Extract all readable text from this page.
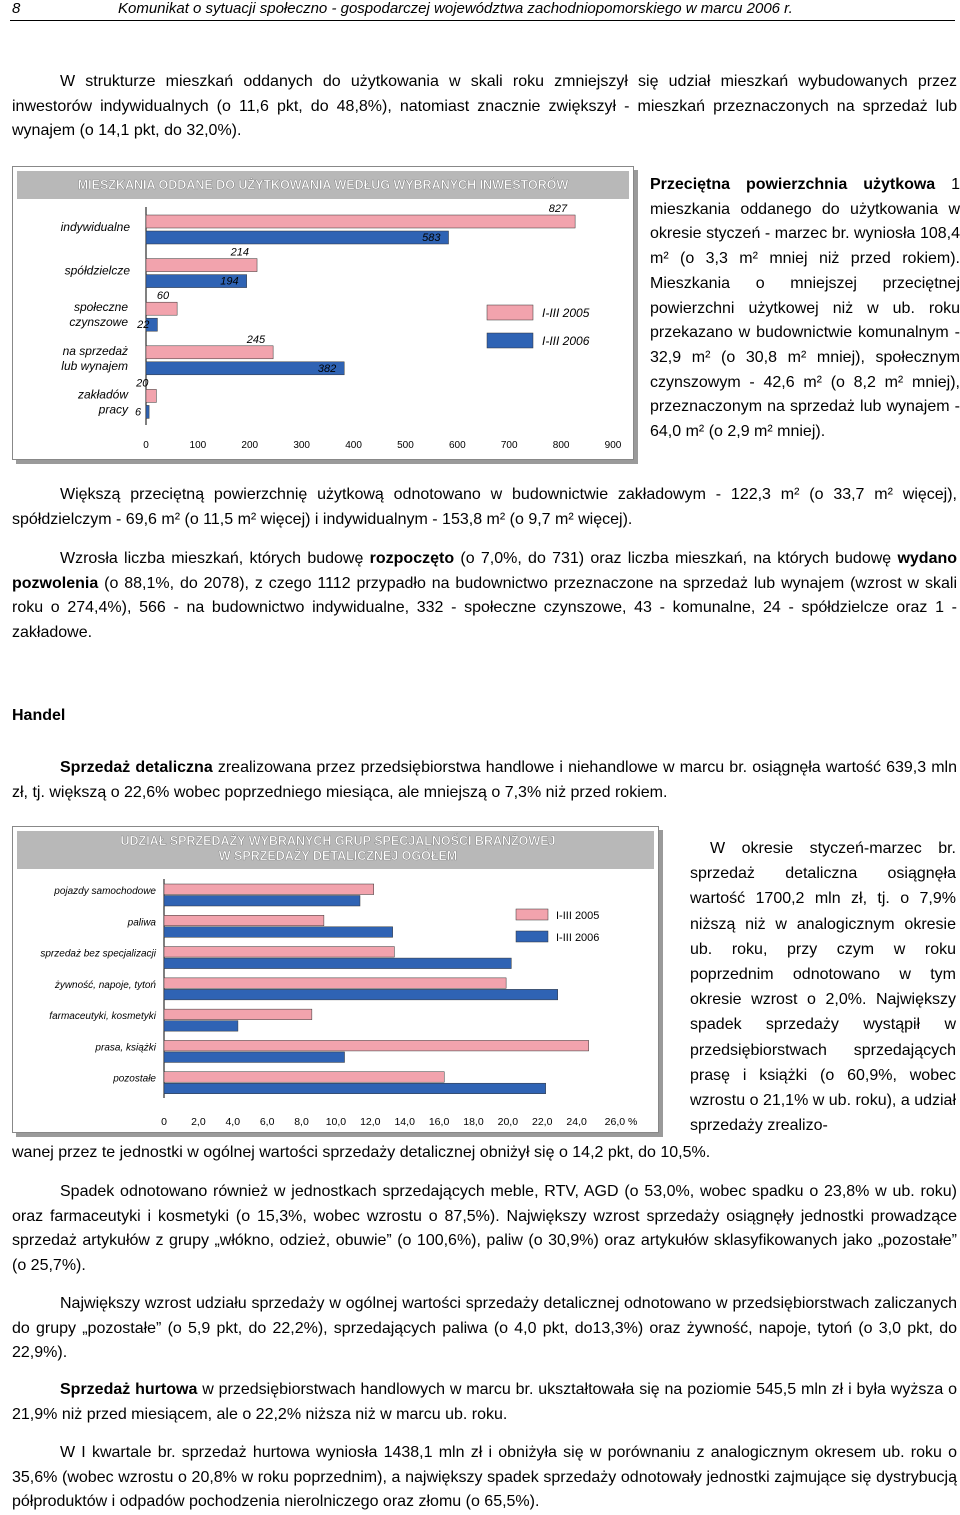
8	Komunikat o sytuacji społeczno - gospodarczej województwa zachodniopomorskiego w marcu 2006 r.

W strukturze mieszkań oddanych do użytkowania w skali roku zmniejszył się udział mieszkań wybudowanych przez inwestorów indywidualnych (o 11,6 pkt, do 48,8%), natomiast znacznie zwiększył - mieszkań przeznaczonych na sprzedaż lub wynajem (o 14,1 pkt, do 32,0%).

MIESZKANIA ODDANE DO UŻYTKOWANIA WEDŁUG WYBRANYCH INWESTORÓW
0	100	200	300	400	500	600	700	800	900
indywidualne
827
583
spółdzielcze
214
194
społeczne
czynszowe
60
22
na sprzedaż
lub wynajem
245
382
zakładów
pracy
20
6
I-III 2005
I-III 2006

Przeciętna powierzchnia użytkowa 1 mieszkania oddanego do użytkowania w okresie styczeń - marzec br. wyniosła 108,4 m² (o 3,3 m² mniej niż przed rokiem). Mieszkania o mniejszej przeciętnej powierzchni użytkowej niż w ub. roku przekazano w budownictwie komunalnym - 32,9 m² (o 30,8 m² mniej), społecznym czynszowym - 42,6 m² (o 8,2 m² mniej), przeznaczonym na sprzedaż lub wynajem - 64,0 m² (o 2,9 m² mniej).

Większą przeciętną powierzchnię użytkową odnotowano w budownictwie zakładowym - 122,3 m² (o 33,7 m² więcej), spółdzielczym - 69,6 m² (o 11,5 m² więcej) i indywidualnym - 153,8 m² (o 9,7 m² więcej).

Wzrosła liczba mieszkań, których budowę rozpoczęto (o 7,0%, do 731) oraz liczba mieszkań, na których budowę wydano pozwolenia (o 88,1%, do 2078), z czego 1112 przypadło na budownictwo przeznaczone na sprzedaż lub wynajem (wzrost w skali roku o 274,4%), 566 - na budownictwo indywidualne, 332 - społeczne czynszowe, 43 - komunalne, 24 - spółdzielcze oraz 1 - zakładowe.

Handel

Sprzedaż detaliczna zrealizowana przez przedsiębiorstwa handlowe i niehandlowe w marcu br. osiągnęła wartość 639,3 mln zł, tj. większą o 22,6% wobec poprzedniego miesiąca, ale mniejszą o 7,3% niż przed rokiem.

UDZIAŁ SPRZEDAŻY WYBRANYCH GRUP SPECJALNOŚCI BRANŻOWEJ
W SPRZEDAŻY DETALICZNEJ OGÓŁEM
0 2,0 4,0 6,0 8,0 10,0 12,0 14,0 16,0 18,0 20,0 22,0 24,0 26,0 %
pojazdy samochodowe
paliwa
sprzedaż bez specjalizacji
żywność, napoje, tytoń
farmaceutyki, kosmetyki
prasa, książki
pozostałe
I-III 2005
I-III 2006

W okresie styczeń-marzec br. sprzedaż detaliczna osiągnęła wartość 1700,2 mln zł, tj. o 7,9% niższą niż w analogicznym okresie ub. roku, przy czym w roku poprzednim odnotowano w tym okresie wzrost o 2,0%. Największy spadek sprzedaży wystąpił w przedsiębiorstwach sprzedających prasę i książki (o 60,9%, wobec wzrostu o 21,1% w ub. roku), a udział sprzedaży zrealizo-

wanej przez te jednostki w ogólnej wartości sprzedaży detalicznej obniżył się o 14,2 pkt, do 10,5%.

Spadek odnotowano również w jednostkach sprzedających meble, RTV, AGD (o 53,0%, wobec spadku o 23,8% w ub. roku) oraz farmaceutyki i kosmetyki (o 15,3%, wobec wzrostu o 87,5%). Największy wzrost sprzedaży osiągnęły jednostki prowadzące sprzedaż artykułów z grupy „włókno, odzież, obuwie” (o 100,6%), paliw (o 30,9%) oraz artykułów sklasyfikowanych jako „pozostałe” (o 25,7%).

Największy wzrost udziału sprzedaży w ogólnej wartości sprzedaży detalicznej odnotowano w przedsiębiorstwach zaliczanych do grupy „pozostałe” (o 5,9 pkt, do 22,2%), sprzedających paliwa (o 4,0 pkt, do13,3%) oraz żywność, napoje, tytoń (o 3,0 pkt, do 22,9%).

Sprzedaż hurtowa w przedsiębiorstwach handlowych w marcu br. ukształtowała się na poziomie 545,5 mln zł i była wyższa o 21,9% niż przed miesiącem, ale o 22,2% niższa niż w marcu ub. roku.

W I kwartale br. sprzedaż hurtowa wyniosła 1438,1 mln zł i obniżyła się w porównaniu z analogicznym okresem ub. roku o 35,6% (wobec wzrostu o 20,8% w roku poprzednim), a największy spadek sprzedaży odnotowały jednostki zajmujące się dystrybucją półproduktów i odpadów pochodzenia nierolniczego oraz złomu (o 65,5%).
